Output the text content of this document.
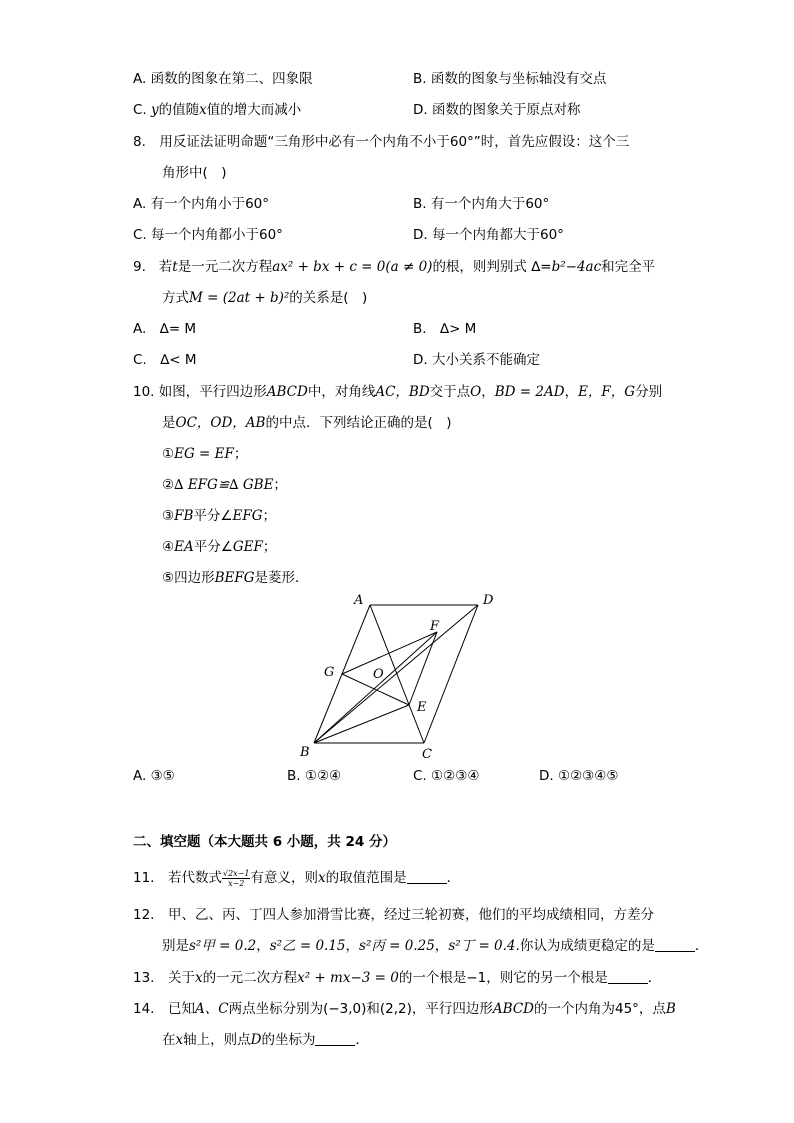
A. 函数的图象在第二、四象限	B. 函数的图象与坐标轴没有交点
C. y的值随x值的增大而减小	D. 函数的图象关于原点对称
8.　用反证法证明命题“三角形中必有一个内角不小于60°”时，首先应假设：这个三
角形中(　)
A. 有一个内角小于60°	B. 有一个内角大于60°
C. 每一个内角都小于60°	D. 每一个内角都大于60°
9. 若t是一元二次方程ax² + bx + c = 0(a ≠ 0)的根，则判别式 ∆=b²−4ac和完全平
方式M = (2at + b)²的关系是(　)
A.　∆= M	B.　∆> M
C.　∆< M	D. 大小关系不能确定
10. 如图，平行四边形ABCD中，对角线AC，BD交于点O，BD = 2AD，E，F，G分别
是OC，OD，AB的中点．下列结论正确的是(　)
①EG = EF；
②∆ EFG≌∆ GBE；
③FB平分∠EFG；
④EA平分∠GEF；
⑤四边形BEFG是菱形．
A	D
F
G	O
E
B	C
A. ③⑤	B. ①②④	C. ①②③④	D. ①②③④⑤
二、填空题（本大题共 6 小题，共 24 分）
11.　若代数式 $\frac{√2x-1}{x-2}$ 有意义，则x的取值范围是	．
12.　甲、乙、丙、丁四人参加滑雪比赛，经过三轮初赛，他们的平均成绩相同，方差分
别是s²甲 = 0.2，s²乙 = 0.15，s²丙 = 0.25，s²丁 = 0.4.你认为成绩更稳定的是	．
13.　关于x的一元二次方程x² + mx−3 = 0的一个根是−1，则它的另一个根是	．
14.　已知A、C两点坐标分别为(−3,0)和(2,2)，平行四边形ABCD的一个内角为45°，点B
在x轴上，则点D的坐标为	．
